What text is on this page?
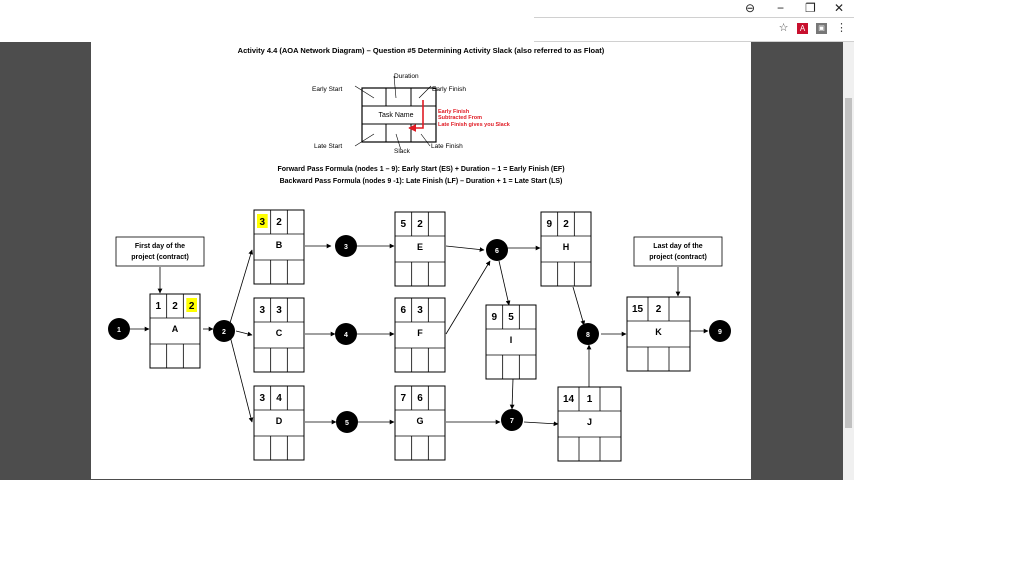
⊖ − ❐ ✕
☆	A	▣ ⋮
Activity 4.4 (AOA Network Diagram) – Question #5 Determining Activity Slack (also referred to as Float)
Task Name
Duration
Early Start	Early Finish
Late Start
Slack
Late Finish
Early Finish
Subtracted From
Late Finish gives you Slack
First day of the
project (contract)
Last day of the
project (contract)
1 2 2
A
3 2
B
3 3
C
3 4
D
5 2
E
6 3
F
7 6
G
9 2
H
9 5
I
14 1
J
15 2
K
1	2
3
4
5
6
7
8	9
Forward Pass Formula (nodes 1 – 9): Early Start (ES) + Duration – 1 = Early Finish (EF)
Backward Pass Formula (nodes 9 -1): Late Finish (LF) – Duration + 1 = Late Start (LS)
